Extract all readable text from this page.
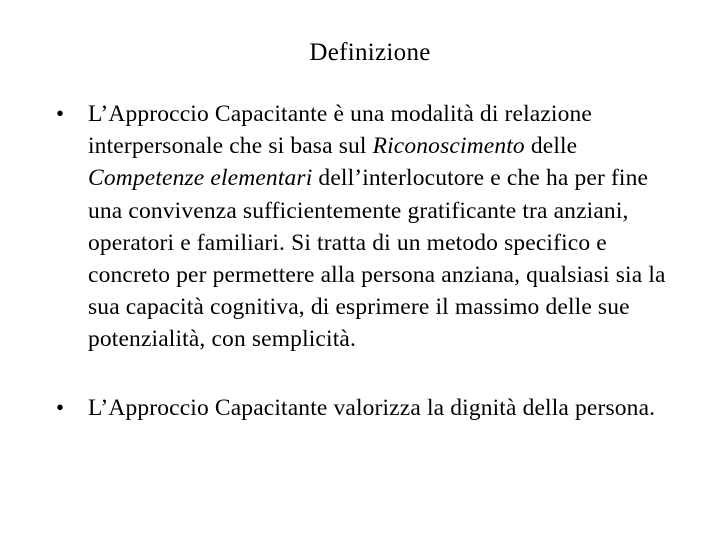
Definizione
• L’Approccio Capacitante è una modalità di relazione interpersonale che si basa sul Riconoscimento delle Competenze elementari dell’interlocutore e che ha per fine una convivenza sufficientemente gratificante tra anziani, operatori e familiari. Si tratta di un metodo specifico e concreto per permettere alla persona anziana, qualsiasi sia la sua capacità cognitiva, di esprimere il massimo delle sue potenzialità, con semplicità.
• L’Approccio Capacitante valorizza la dignità della persona.
